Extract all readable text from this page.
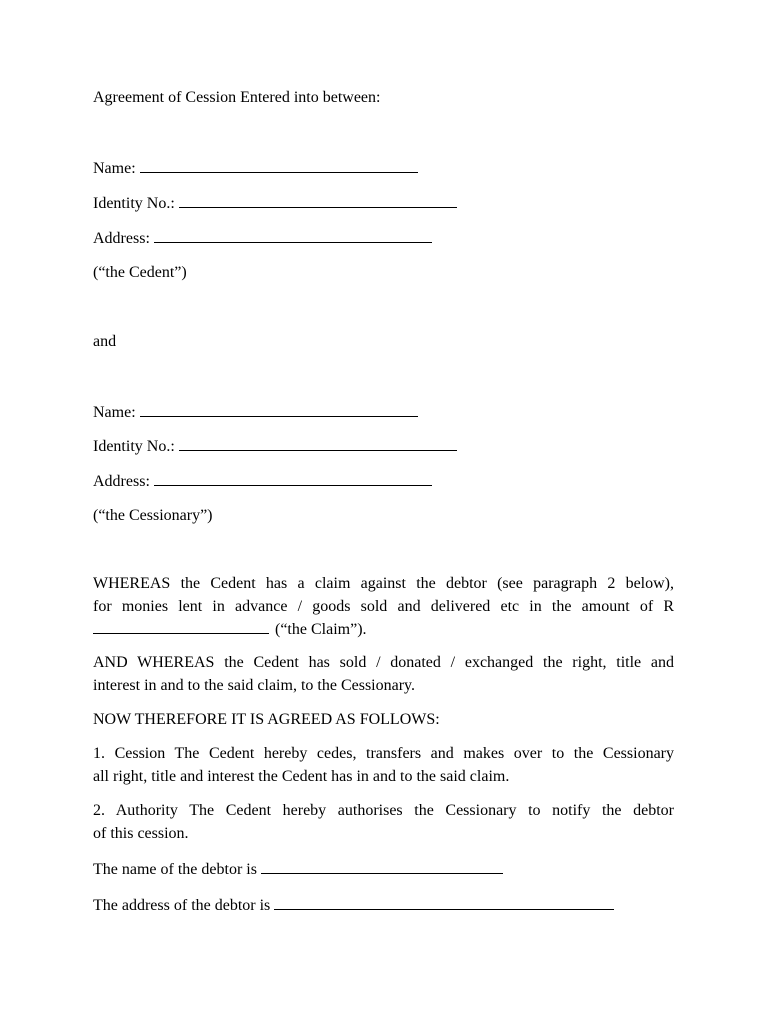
Agreement of Cession Entered into between:
Name:
Identity No.:
Address:
(“the Cedent”)
and
Name:
Identity No.:
Address:
(“the Cessionary”)
WHEREAS the Cedent has a claim against the debtor (see paragraph 2 below),
for monies lent in advance / goods sold and delivered etc in the amount of R
(“the Claim”).
AND WHEREAS the Cedent has sold / donated / exchanged the right, title and
interest in and to the said claim, to the Cessionary.
NOW THEREFORE IT IS AGREED AS FOLLOWS:
1. Cession The Cedent hereby cedes, transfers and makes over to the Cessionary
all right, title and interest the Cedent has in and to the said claim.
2. Authority The Cedent hereby authorises the Cessionary to notify the debtor
of this cession.
The name of the debtor is
The address of the debtor is
